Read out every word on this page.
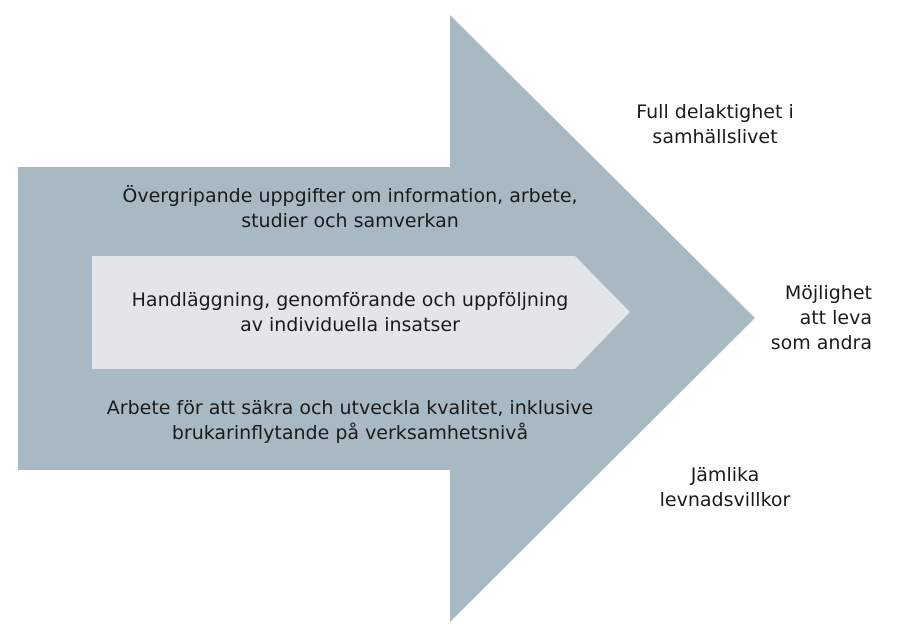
Övergripande uppgifter om information, arbete,
studier och samverkan
Handläggning, genomförande och uppföljning
av individuella insatser
Arbete för att säkra och utveckla kvalitet, inklusive
brukarinflytande på verksamhetsnivå
Full delaktighet i
samhällslivet
Möjlighet
att leva
som andra
Jämlika
levnadsvillkor
